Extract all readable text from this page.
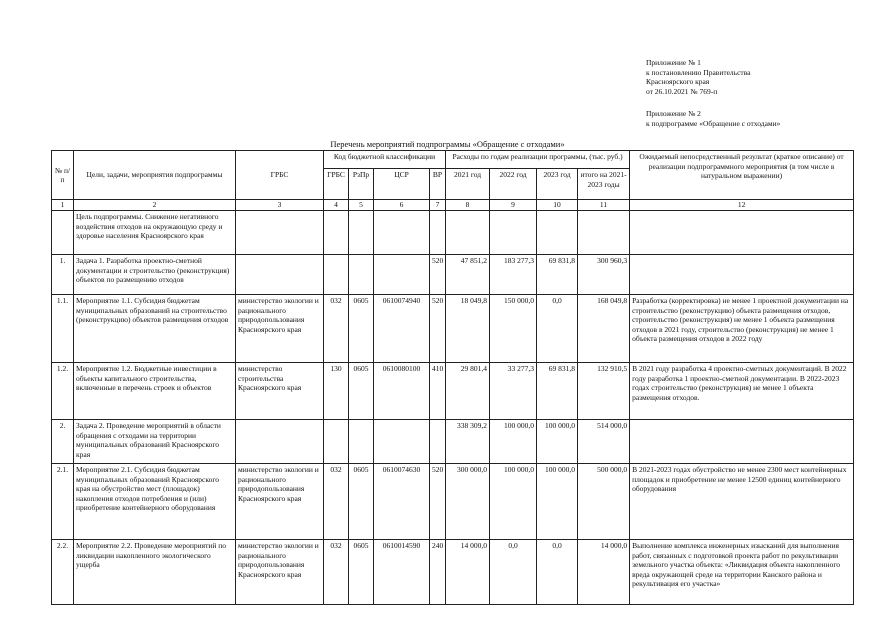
Приложение № 1
к постановлению Правительства
Красноярского края
от 26.10.2021 № 769-п
Приложение № 2
к подпрограмме «Обращение с отходами»
Перечень мероприятий подпрограммы «Обращение с отходами»
№ п/п	Цели, задачи, мероприятия подпрограммы	ГРБС	Код бюджетной классификации				Расходы по годам реализации программы, (тыс. руб.)				Ожидаемый непосредственный результат (краткое описание) от реализации подпрограммного мероприятия (в том числе в натуральном выражении)
			ГРБС	РзПр	ЦСР	ВР	2021 год	2022 год	2023 год	итого на 2021-2023 годы	
1	2	3	4	5	6	7	8	9	10	11	12
	Цель подпрограммы. Снижение негативного воздействия отходов на окружающую среду и здоровье населения Красноярского края										
1.	Задача 1. Разработка проектно-сметной документации и строительство (реконструкция) объектов по размещению отходов					520	47 851,2	183 277,3	69 831,8	300 960,3	
1.1.	Мероприятие 1.1. Субсидия бюджетам муниципальных образований на строительство (реконструкцию) объектов размещения отходов	министерство экологии и рационального природопользования Красноярского края	032	0605	0610074940	520	18 049,8	150 000,0	0,0	168 049,8	Разработка (корректировка) не менее 1 проектной документации на строительство (реконструкцию) объекта размещения отходов, строительство (реконструкция) не менее 1 объекта размещения отходов в 2021 году, строительство (реконструкция) не менее 1 объекта размещения отходов в 2022 году
1.2.	Мероприятие 1.2. Бюджетные инвестиции в объекты капитального строительства, включенные в перечень строек и объектов	министерство строительства Красноярского края	130	0605	0610080100	410	29 801,4	33 277,3	69 831,8	132 910,5	В 2021 году разработка 4 проектно-сметных документаций. В 2022 году разработка 1 проектно-сметной документации. В 2022-2023 годах строительство (реконструкция) не менее 1 объекта размещения отходов.
2.	Задача 2. Проведение мероприятий в области обращения с отходами на территории муниципальных образований Красноярского края						338 309,2	100 000,0	100 000,0	514 000,0	
2.1.	Мероприятие 2.1. Субсидия бюджетам муниципальных образований Красноярского края на обустройство мест (площадок) накопления отходов потребления и (или) приобретение контейнерного оборудования	министерство экологии и рационального природопользования Красноярского края	032	0605	0610074630	520	300 000,0	100 000,0	100 000,0	500 000,0	В 2021-2023 годах обустройство не менее 2300 мест контейнерных площадок и приобретение не менее 12500 единиц контейнерного оборудования
2.2.	Мероприятие 2.2. Проведение мероприятий по ликвидации накопленного экологического ущерба	министерство экологии и рационального природопользования Красноярского края	032	0605	0610014590	240	14 000,0	0,0	0,0	14 000,0	Выполнение комплекса инженерных изысканий для выполнения работ, связанных с подготовкой проекта работ по рекультивации земельного участка объекта: «Ликвидация объекта накопленного вреда окружающей среде на территории Канского района и рекультивация его участка»
